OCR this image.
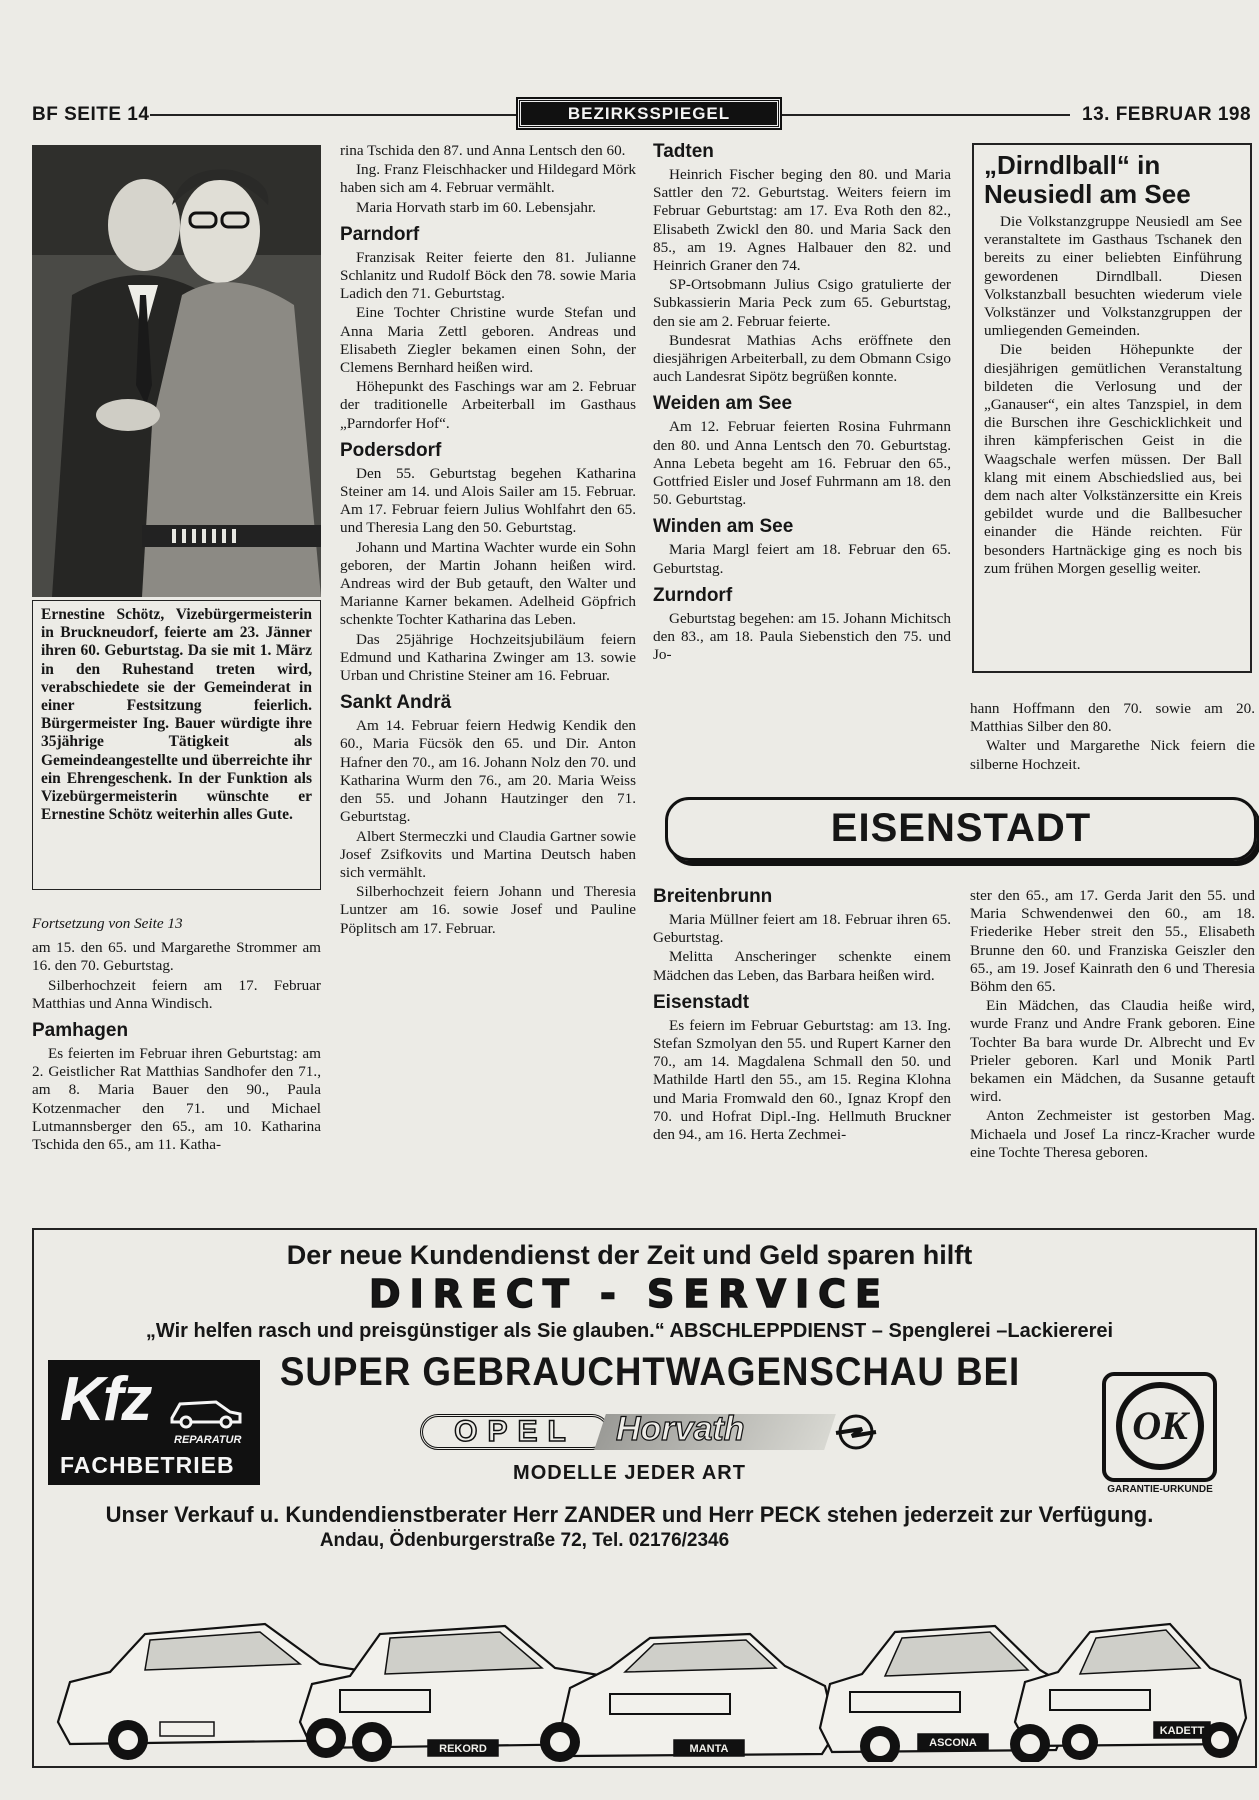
BF SEITE 14	BEZIRKSSPIEGEL	13. FEBRUAR 198
Ernestine Schötz, Vizebürgermeisterin in Bruckneudorf, feierte am 23. Jänner ihren 60. Geburtstag. Da sie mit 1. März in den Ruhestand treten wird, verabschiedete sie der Gemeinderat in einer Festsitzung feierlich. Bürgermeister Ing. Bauer würdigte ihre 35jährige Tätigkeit als Gemeindeangestellte und überreichte ihr ein Ehrengeschenk. In der Funktion als Vizebürgermeisterin wünschte er Ernestine Schötz weiterhin alles Gute.
Fortsetzung von Seite 13
am 15. den 65. und Margarethe Strommer am 16. den 70. Geburtstag.
Silberhochzeit feiern am 17. Februar Matthias und Anna Windisch.
Pamhagen
Es feierten im Februar ihren Geburtstag: am 2. Geistlicher Rat Matthias Sandhofer den 71., am 8. Maria Bauer den 90., Paula Kotzenmacher den 71. und Michael Lutmannsberger den 65., am 10. Katharina Tschida den 65., am 11. Katha-
rina Tschida den 87. und Anna Lentsch den 60.
Ing. Franz Fleischhacker und Hildegard Mörk haben sich am 4. Februar vermählt.
Maria Horvath starb im 60. Lebensjahr.
Parndorf
Franzisak Reiter feierte den 81. Julianne Schlanitz und Rudolf Böck den 78. sowie Maria Ladich den 71. Geburtstag.
Eine Tochter Christine wurde Stefan und Anna Maria Zettl geboren. Andreas und Elisabeth Ziegler bekamen einen Sohn, der Clemens Bernhard heißen wird.
Höhepunkt des Faschings war am 2. Februar der traditionelle Arbeiterball im Gasthaus „Parndorfer Hof“.
Podersdorf
Den 55. Geburtstag begehen Katharina Steiner am 14. und Alois Sailer am 15. Februar. Am 17. Februar feiern Julius Wohlfahrt den 65. und Theresia Lang den 50. Geburtstag.
Johann und Martina Wachter wurde ein Sohn geboren, der Martin Johann heißen wird. Andreas wird der Bub getauft, den Walter und Marianne Karner bekamen. Adelheid Göpfrich schenkte Tochter Katharina das Leben.
Das 25jährige Hochzeitsjubiläum feiern Edmund und Katharina Zwinger am 13. sowie Urban und Christine Steiner am 16. Februar.
Sankt Andrä
Am 14. Februar feiern Hedwig Kendik den 60., Maria Fücsök den 65. und Dir. Anton Hafner den 70., am 16. Johann Nolz den 70. und Katharina Wurm den 76., am 20. Maria Weiss den 55. und Johann Hautzinger den 71. Geburtstag.
Albert Stermeczki und Claudia Gartner sowie Josef Zsifkovits und Martina Deutsch haben sich vermählt.
Silberhochzeit feiern Johann und Theresia Luntzer am 16. sowie Josef und Pauline Pöplitsch am 17. Februar.
Tadten
Heinrich Fischer beging den 80. und Maria Sattler den 72. Geburtstag. Weiters feiern im Februar Geburtstag: am 17. Eva Roth den 82., Elisabeth Zwickl den 80. und Maria Sack den 85., am 19. Agnes Halbauer den 82. und Heinrich Graner den 74.
SP-Ortsobmann Julius Csigo gratulierte der Subkassierin Maria Peck zum 65. Geburtstag, den sie am 2. Februar feierte.
Bundesrat Mathias Achs eröffnete den diesjährigen Arbeiterball, zu dem Obmann Csigo auch Landesrat Sipötz begrüßen konnte.
Weiden am See
Am 12. Februar feierten Rosina Fuhrmann den 80. und Anna Lentsch den 70. Geburtstag. Anna Lebeta begeht am 16. Februar den 65., Gottfried Eisler und Josef Fuhrmann am 18. den 50. Geburtstag.
Winden am See
Maria Margl feiert am 18. Februar den 65. Geburtstag.
Zurndorf
Geburtstag begehen: am 15. Johann Michitsch den 83., am 18. Paula Siebenstich den 75. und Jo-
„Dirndlball“ in Neusiedl am See
Die Volkstanzgruppe Neusiedl am See veranstaltete im Gasthaus Tschanek den bereits zu einer beliebten Einführung gewordenen Dirndlball. Diesen Volkstanzball besuchten wiederum viele Volkstänzer und Volkstanzgruppen der umliegenden Gemeinden.
Die beiden Höhepunkte der diesjährigen gemütlichen Veranstaltung bildeten die Verlosung und der „Ganauser“, ein altes Tanzspiel, in dem die Burschen ihre Geschicklichkeit und ihren kämpferischen Geist in die Waagschale werfen müssen. Der Ball klang mit einem Abschiedslied aus, bei dem nach alter Volkstänzersitte ein Kreis gebildet wurde und die Ballbesucher einander die Hände reichten. Für besonders Hartnäckige ging es noch bis zum frühen Morgen gesellig weiter.
hann Hoffmann den 70. sowie am 20. Matthias Silber den 80.
Walter und Margarethe Nick feiern die silberne Hochzeit.
EISENSTADT
Breitenbrunn
Maria Müllner feiert am 18. Februar ihren 65. Geburtstag.
Melitta Anscheringer schenkte einem Mädchen das Leben, das Barbara heißen wird.
Eisenstadt
Es feiern im Februar Geburtstag: am 13. Ing. Stefan Szmolyan den 55. und Rupert Karner den 70., am 14. Magdalena Schmall den 50. und Mathilde Hartl den 55., am 15. Regina Klohna und Maria Fromwald den 60., Ignaz Kropf den 70. und Hofrat Dipl.-Ing. Hellmuth Bruckner den 94., am 16. Herta Zechmei-
ster den 65., am 17. Gerda Jarit den 55. und Maria Schwendenwei den 60., am 18. Friederike Heber streit den 55., Elisabeth Brunne den 60. und Franziska Geiszler den 65., am 19. Josef Kainrath den 6 und Theresia Böhm den 65.
Ein Mädchen, das Claudia heiße wird, wurde Franz und Andre Frank geboren. Eine Tochter Ba bara wurde Dr. Albrecht und Ev Prieler geboren. Karl und Monik Partl bekamen ein Mädchen, da Susanne getauft wird.
Anton Zechmeister ist gestorben Mag. Michaela und Josef La rincz-Kracher wurde eine Tochte Theresa geboren.
Der neue Kundendienst der Zeit und Geld sparen hilft
DIRECT - SERVICE
„Wir helfen rasch und preisgünstiger als Sie glauben.“ ABSCHLEPPDIENST – Spenglerei –Lackiererei
SUPER GEBRAUCHTWAGENSCHAU BEI
Kfz
REPARATUR
FACHBETRIEB
OPEL	Horvath
MODELLE JEDER ART
OK
GARANTIE-URKUNDE
Unser Verkauf u. Kundendienstberater Herr ZANDER und Herr PECK stehen jederzeit zur Verfügung.
Andau, Ödenburgerstraße 72, Tel. 02176/2346
REKORD	MANTA	ASCONA
KADETT
